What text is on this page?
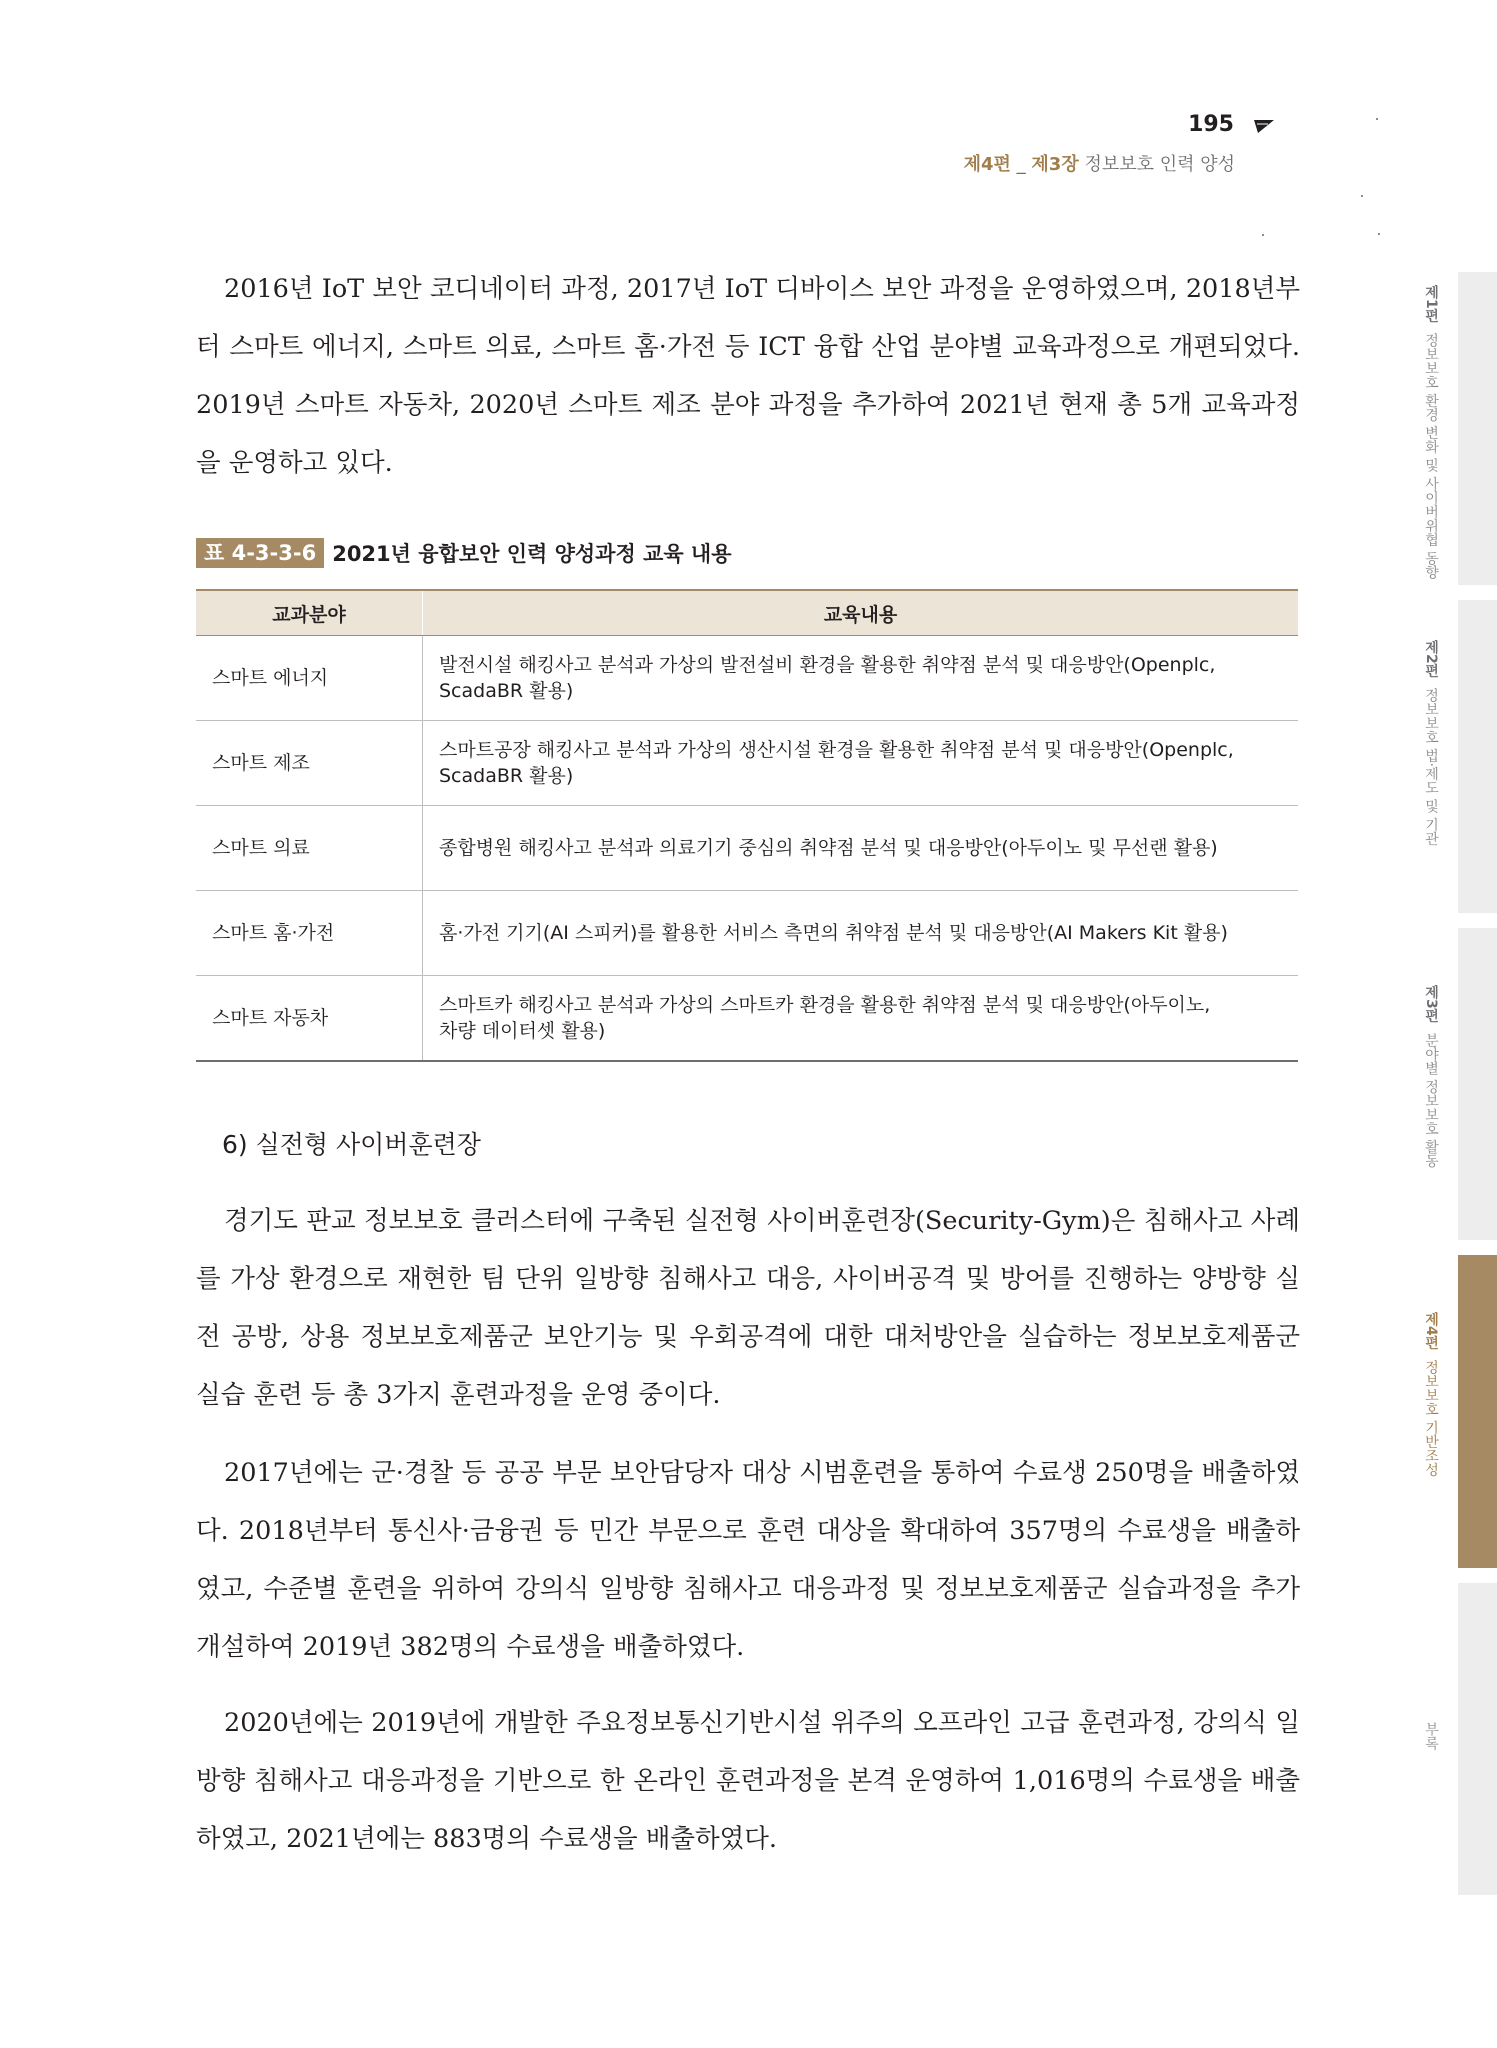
195
제4편 _ 제3장 정보보호 인력 양성
제1편
정보보호 환경 변화 및 사이버위협 동향
제2편
정보보호 법·제도 및 기관
제3편
분야별 정보보호 활동
제4편
정보보호 기반조성
부록

2016년 IoT 보안 코디네이터 과정, 2017년 IoT 디바이스 보안 과정을 운영하였으며, 2018년부터 스마트 에너지, 스마트 의료, 스마트 홈·가전 등 ICT 융합 산업 분야별 교육과정으로 개편되었다. 2019년 스마트 자동차, 2020년 스마트 제조 분야 과정을 추가하여 2021년 현재 총 5개 교육과정을 운영하고 있다.

표 4-3-3-6 2021년 융합보안 인력 양성과정 교육 내용
교과분야	교육내용
스마트 에너지	발전시설 해킹사고 분석과 가상의 발전설비 환경을 활용한 취약점 분석 및 대응방안(Openplc,
ScadaBR 활용)
스마트 제조	스마트공장 해킹사고 분석과 가상의 생산시설 환경을 활용한 취약점 분석 및 대응방안(Openplc,
ScadaBR 활용)
스마트 의료	종합병원 해킹사고 분석과 의료기기 중심의 취약점 분석 및 대응방안(아두이노 및 무선랜 활용)
스마트 홈·가전	홈·가전 기기(AI 스피커)를 활용한 서비스 측면의 취약점 분석 및 대응방안(AI Makers Kit 활용)
스마트 자동차	스마트카 해킹사고 분석과 가상의 스마트카 환경을 활용한 취약점 분석 및 대응방안(아두이노,
차량 데이터셋 활용)
6) 실전형 사이버훈련장

경기도 판교 정보보호 클러스터에 구축된 실전형 사이버훈련장(Security-Gym)은 침해사고 사례를 가상 환경으로 재현한 팀 단위 일방향 침해사고 대응, 사이버공격 및 방어를 진행하는 양방향 실전 공방, 상용 정보보호제품군 보안기능 및 우회공격에 대한 대처방안을 실습하는 정보보호제품군 실습 훈련 등 총 3가지 훈련과정을 운영 중이다.

2017년에는 군·경찰 등 공공 부문 보안담당자 대상 시범훈련을 통하여 수료생 250명을 배출하였다. 2018년부터 통신사·금융권 등 민간 부문으로 훈련 대상을 확대하여 357명의 수료생을 배출하였고, 수준별 훈련을 위하여 강의식 일방향 침해사고 대응과정 및 정보보호제품군 실습과정을 추가 개설하여 2019년 382명의 수료생을 배출하였다.

2020년에는 2019년에 개발한 주요정보통신기반시설 위주의 오프라인 고급 훈련과정, 강의식 일방향 침해사고 대응과정을 기반으로 한 온라인 훈련과정을 본격 운영하여 1,016명의 수료생을 배출하였고, 2021년에는 883명의 수료생을 배출하였다.
